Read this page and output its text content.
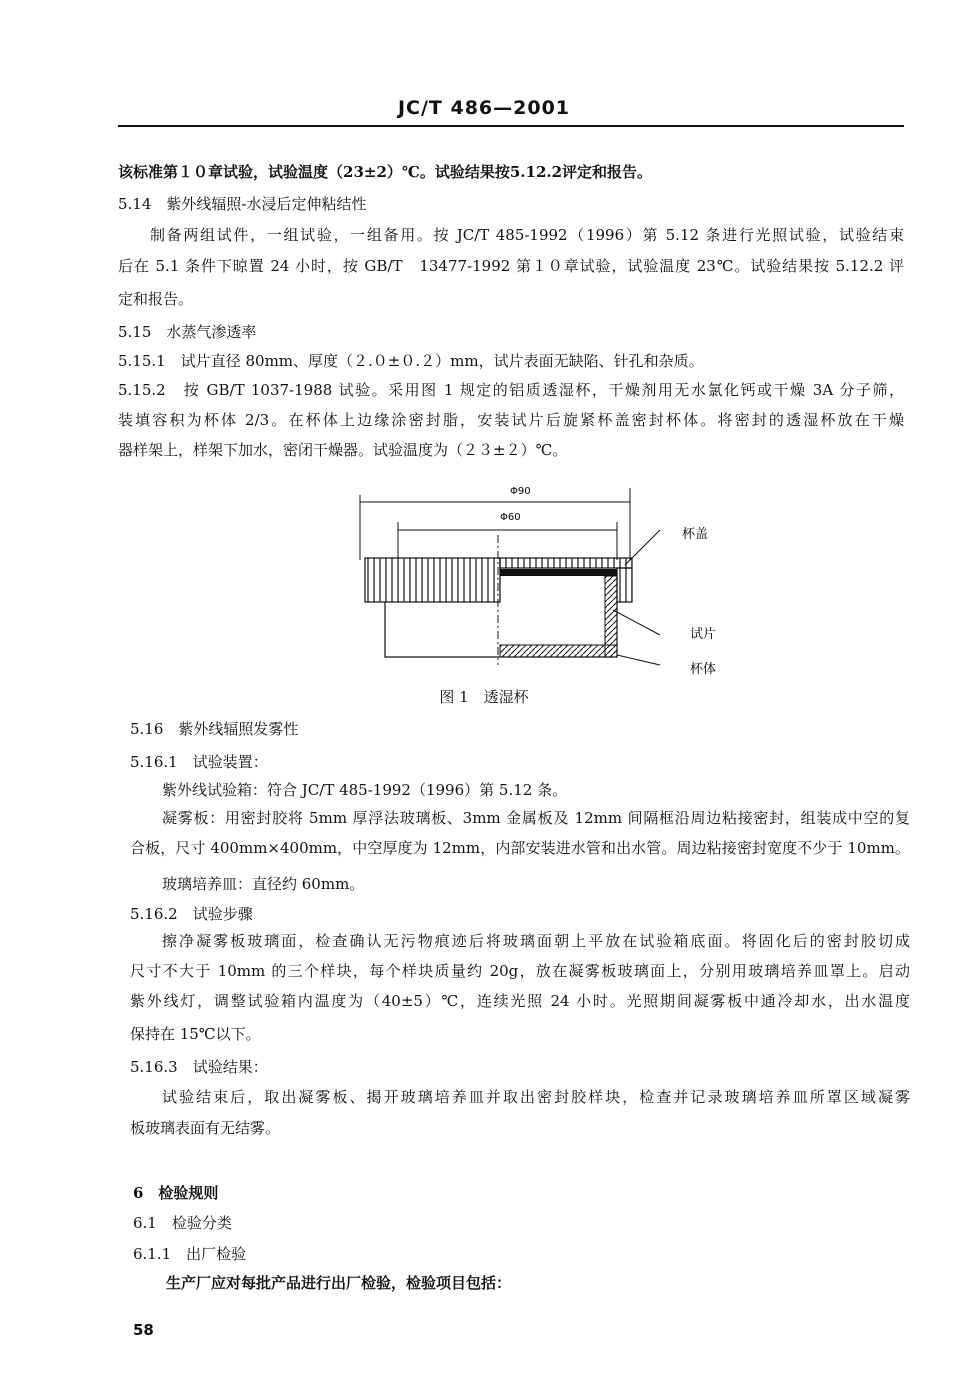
JC/T 486—2001
该标准第１０章试验，试验温度（23±2）℃。试验结果按5.12.2评定和报告。
5.14　紫外线辐照-水浸后定伸粘结性
制备两组试件，一组试验，一组备用。按 JC/T 485-1992（1996）第 5.12 条进行光照试验，试验结束
后在 5.1 条件下晾置 24 小时，按 GB/T　13477-1992 第１０章试验，试验温度 23℃。试验结果按 5.12.2 评
定和报告。
5.15　水蒸气渗透率
5.15.1　试片直径 80mm、厚度（２.０±０.２）mm，试片表面无缺陷、针孔和杂质。
5.15.2　按 GB/T 1037-1988 试验。采用图 1 规定的铝质透湿杯，干燥剂用无水氯化钙或干燥 3A 分子筛，
装填容积为杯体 2/3。在杯体上边缘涂密封脂，安装试片后旋紧杯盖密封杯体。将密封的透湿杯放在干燥
器样架上，样架下加水，密闭干燥器。试验温度为（２３±２）℃。
Φ90
Φ60
杯盖
试片
杯体
图 1　透湿杯
5.16　紫外线辐照发雾性
5.16.1　试验装置：
紫外线试验箱：符合 JC/T 485-1992（1996）第 5.12 条。
凝雾板：用密封胶将 5mm 厚浮法玻璃板、3mm 金属板及 12mm 间隔框沿周边粘接密封，组装成中空的复
合板，尺寸 400mm×400mm，中空厚度为 12mm，内部安装进水管和出水管。周边粘接密封宽度不少于 10mm。
玻璃培养皿：直径约 60mm。
5.16.2　试验步骤
擦净凝雾板玻璃面，检查确认无污物痕迹后将玻璃面朝上平放在试验箱底面。将固化后的密封胶切成
尺寸不大于 10mm 的三个样块，每个样块质量约 20g，放在凝雾板玻璃面上，分别用玻璃培养皿罩上。启动
紫外线灯，调整试验箱内温度为（40±5）℃，连续光照 24 小时。光照期间凝雾板中通冷却水，出水温度
保持在 15℃以下。
5.16.3　试验结果：
试验结束后，取出凝雾板、揭开玻璃培养皿并取出密封胶样块，检查并记录玻璃培养皿所罩区域凝雾
板玻璃表面有无结雾。
6　检验规则
6.1　检验分类
6.1.1　出厂检验
生产厂应对每批产品进行出厂检验，检验项目包括：
58
